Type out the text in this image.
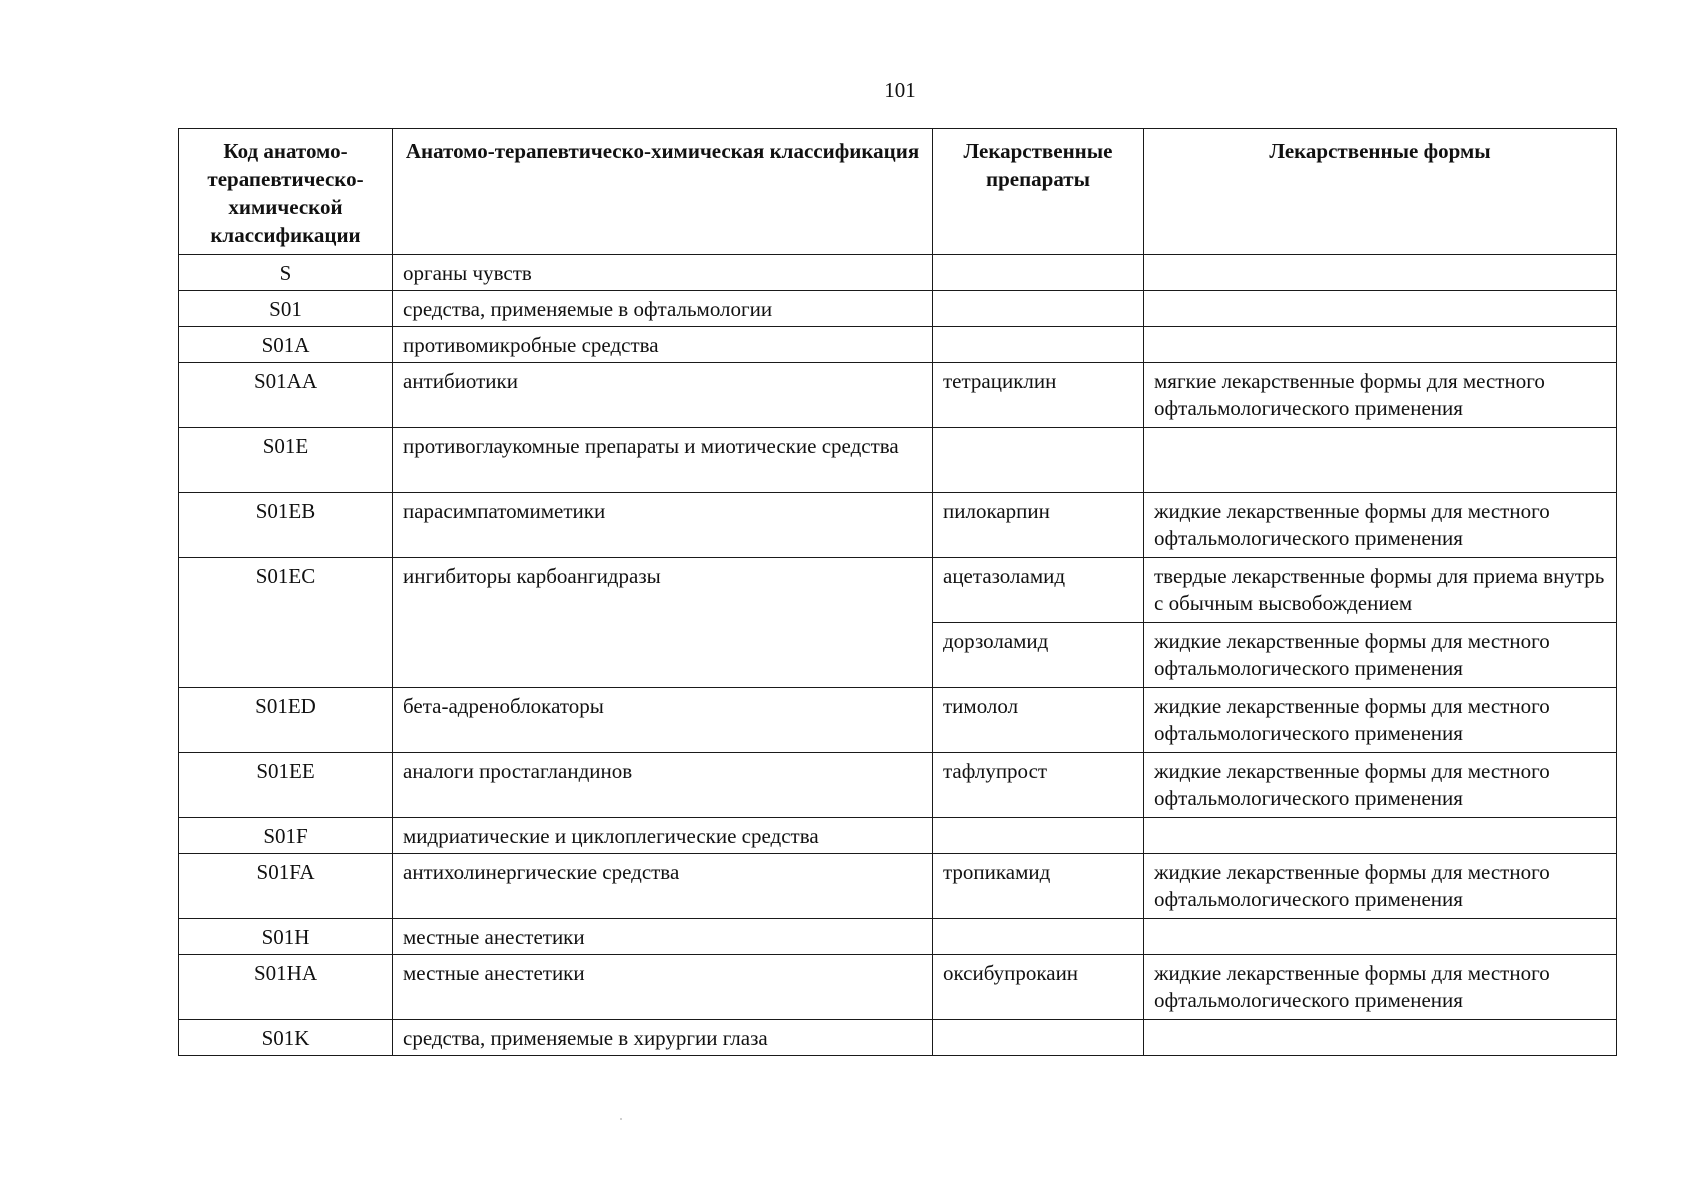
101
Код анатомо-терапевтическо-химической классификации	Анатомо-терапевтическо-химическая классификация	Лекарственные препараты	Лекарственные формы
S	органы чувств		
S01	средства, применяемые в офтальмологии		
S01A	противомикробные средства		
S01AA	антибиотики	тетрациклин	мягкие лекарственные формы для местного офтальмологического применения
S01E	противоглаукомные препараты и миотические средства		
S01EB	парасимпатомиметики	пилокарпин	жидкие лекарственные формы для местного офтальмологического применения
S01EC	ингибиторы карбоангидразы	ацетазоламид	твердые лекарственные формы для приема внутрь с обычным высвобождением
		дорзоламид	жидкие лекарственные формы для местного офтальмологического применения
S01ED	бета-адреноблокаторы	тимолол	жидкие лекарственные формы для местного офтальмологического применения
S01EE	аналоги простагландинов	тафлупрост	жидкие лекарственные формы для местного офтальмологического применения
S01F	мидриатические и циклоплегические средства		
S01FA	антихолинергические средства	тропикамид	жидкие лекарственные формы для местного офтальмологического применения
S01H	местные анестетики		
S01HA	местные анестетики	оксибупрокаин	жидкие лекарственные формы для местного офтальмологического применения
S01K	средства, применяемые в хирургии глаза		
